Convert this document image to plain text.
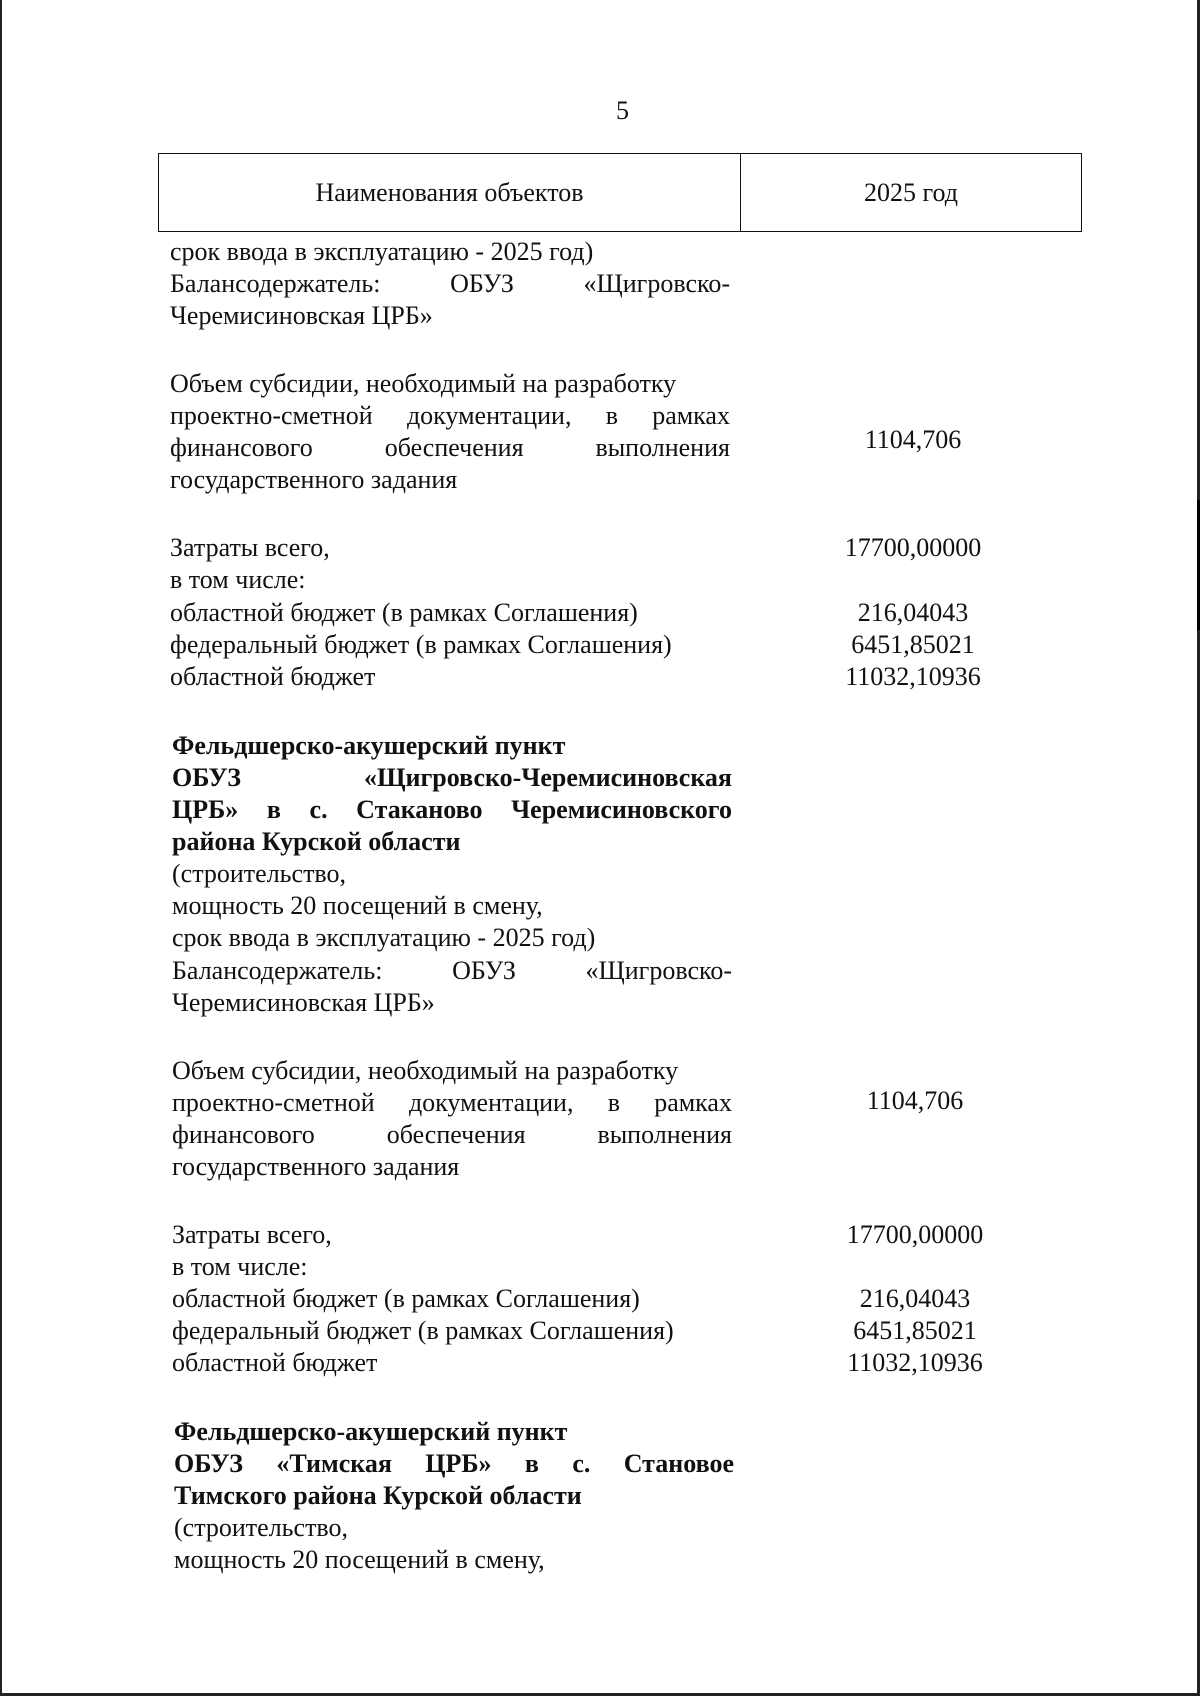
5
Наименования объектов	2025 год
срок ввода в эксплуатацию - 2025 год)
Балансодержатель:	ОБУЗ	«Щигровско-
Черемисиновская ЦРБ»
Объем субсидии, необходимый на разработку
проектно-сметной документации, в рамках
финансового	обеспечения	выполнения
государственного задания
1104,706
Затраты всего,	17700,00000
в том числе:
областной бюджет (в рамках Соглашения)	216,04043
федеральный бюджет (в рамках Соглашения)	6451,85021
областной бюджет	11032,10936
Фельдшерско-акушерский пункт
ОБУЗ	«Щигровско-Черемисиновская
ЦРБ» в с. Стаканово Черемисиновского
района Курской области
(строительство,
мощность 20 посещений в смену,
срок ввода в эксплуатацию - 2025 год)
Балансодержатель:	ОБУЗ	«Щигровско-
Черемисиновская ЦРБ»
Объем субсидии, необходимый на разработку
проектно-сметной документации, в рамках
финансового	обеспечения	выполнения
государственного задания
1104,706
Затраты всего,	17700,00000
в том числе:
областной бюджет (в рамках Соглашения)	216,04043
федеральный бюджет (в рамках Соглашения)	6451,85021
областной бюджет	11032,10936
Фельдшерско-акушерский пункт
ОБУЗ «Тимская ЦРБ» в с. Становое
Тимского района Курской области
(строительство,
мощность 20 посещений в смену,
